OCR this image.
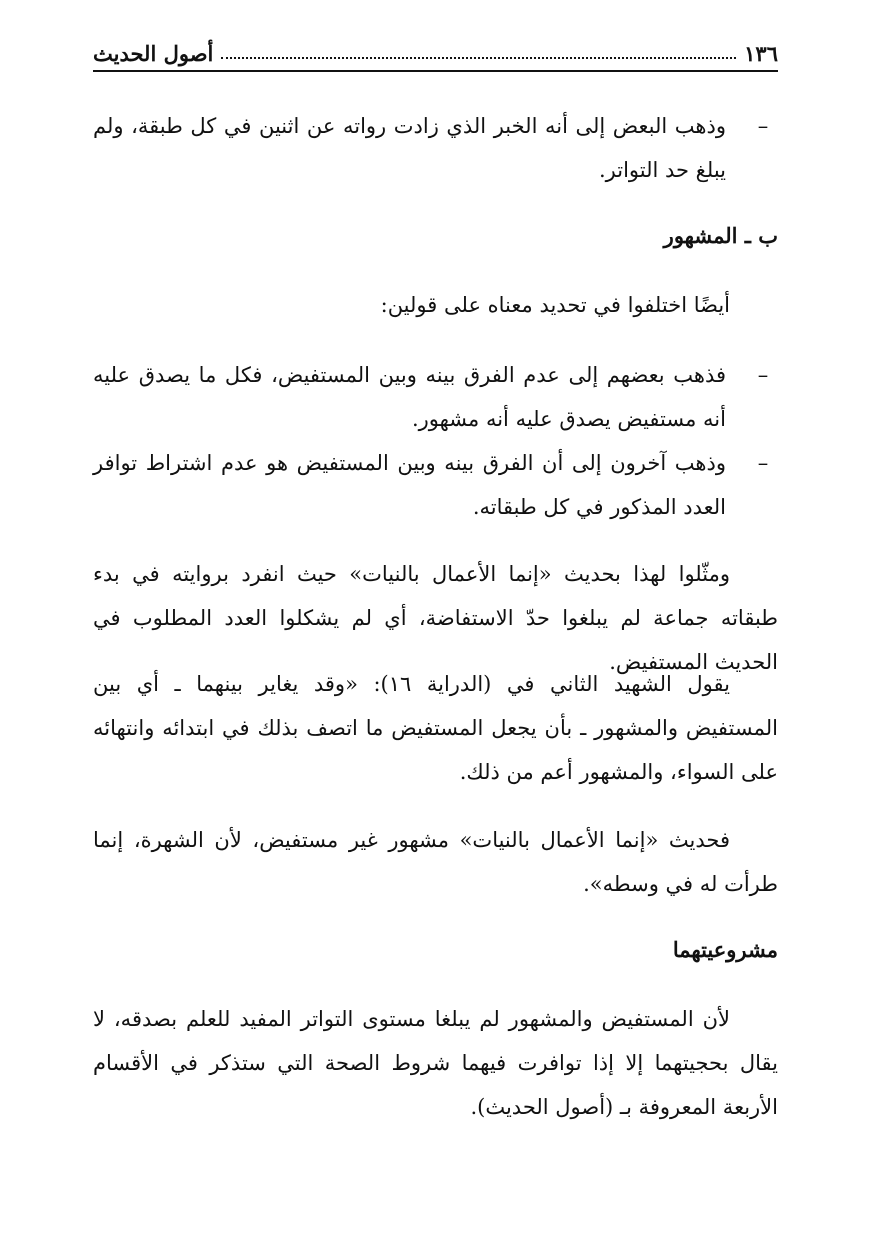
١٣٦
أصول الحديث
–
وذهب البعض إلى أنه الخبر الذي زادت رواته عن اثنين في كل طبقة، ولم يبلغ حد التواتر.
ب ـ المشهور
أيضًا اختلفوا في تحديد معناه على قولين:
–
فذهب بعضهم إلى عدم الفرق بينه وبين المستفيض، فكل ما يصدق عليه أنه مستفيض يصدق عليه أنه مشهور.
–
وذهب آخرون إلى أن الفرق بينه وبين المستفيض هو عدم اشتراط توافر العدد المذكور في كل طبقاته.
ومثّلوا لهذا بحديث «إنما الأعمال بالنيات» حيث انفرد بروايته في بدء طبقاته جماعة لم يبلغوا حدّ الاستفاضة، أي لم يشكلوا العدد المطلوب في الحديث المستفيض.
يقول الشهيد الثاني في (الدراية ١٦): «وقد يغاير بينهما ـ أي بين المستفيض والمشهور ـ بأن يجعل المستفيض ما اتصف بذلك في ابتدائه وانتهائه على السواء، والمشهور أعم من ذلك.
فحديث «إنما الأعمال بالنيات» مشهور غير مستفيض، لأن الشهرة، إنما طرأت له في وسطه».
مشروعيتهما
لأن المستفيض والمشهور لم يبلغا مستوى التواتر المفيد للعلم بصدقه، لا يقال بحجيتهما إلا إذا توافرت فيهما شروط الصحة التي ستذكر في الأقسام الأربعة المعروفة بـ (أصول الحديث).
